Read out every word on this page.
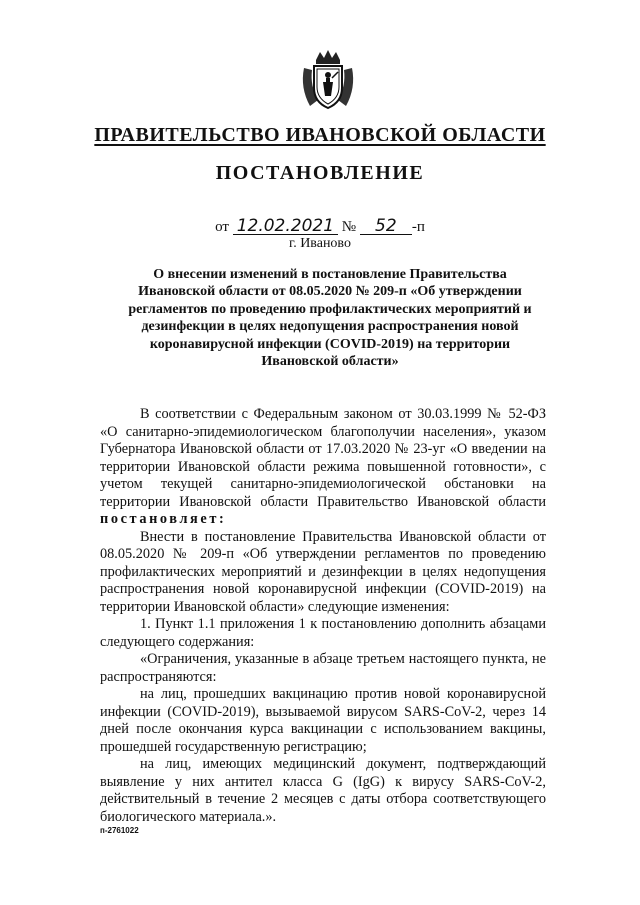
ПРАВИТЕЛЬСТВО ИВАНОВСКОЙ ОБЛАСТИ
ПОСТАНОВЛЕНИЕ
от 12.02.2021 № 52 -п
г. Иваново
О внесении изменений в постановление Правительства Ивановской области от 08.05.2020 № 209-п «Об утверждении регламентов по проведению профилактических мероприятий и дезинфекции в целях недопущения распространения новой коронавирусной инфекции (COVID-2019) на территории Ивановской области»

В соответствии с Федеральным законом от 30.03.1999 № 52-ФЗ «О санитарно-эпидемиологическом благополучии населения», указом Губернатора Ивановской области от 17.03.2020 № 23-уг «О введении на территории Ивановской области режима повышенной готовности», с учетом текущей санитарно-эпидемиологической обстановки на территории Ивановской области Правительство Ивановской области постановляет:

Внести в постановление Правительства Ивановской области от 08.05.2020 № 209-п «Об утверждении регламентов по проведению профилактических мероприятий и дезинфекции в целях недопущения распространения новой коронавирусной инфекции (COVID-2019) на территории Ивановской области» следующие изменения:

1. Пункт 1.1 приложения 1 к постановлению дополнить абзацами следующего содержания:

«Ограничения, указанные в абзаце третьем настоящего пункта, не распространяются:

на лиц, прошедших вакцинацию против новой коронавирусной инфекции (COVID-2019), вызываемой вирусом SARS-CoV-2, через 14 дней после окончания курса вакцинации с использованием вакцины, прошедшей государственную регистрацию;

на лиц, имеющих медицинский документ, подтверждающий выявление у них антител класса G (IgG) к вирусу SARS-CoV-2, действительный в течение 2 месяцев с даты отбора соответствующего биологического материала.».

п-2761022
